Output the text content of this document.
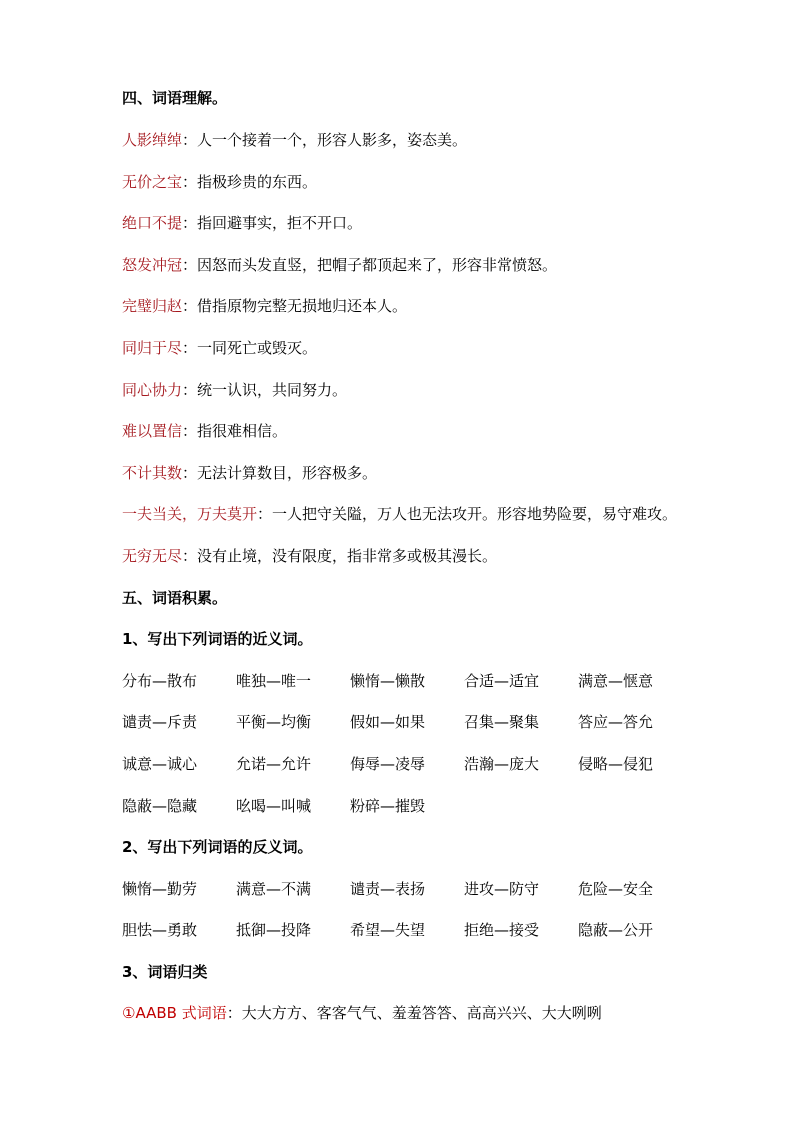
四、词语理解。
人影绰绰：人一个接着一个，形容人影多，姿态美。
无价之宝：指极珍贵的东西。
绝口不提：指回避事实，拒不开口。
怒发冲冠：因怒而头发直竖，把帽子都顶起来了，形容非常愤怒。
完璧归赵：借指原物完整无损地归还本人。
同归于尽：一同死亡或毁灭。
同心协力：统一认识，共同努力。
难以置信：指很难相信。
不计其数：无法计算数目，形容极多。
一夫当关，万夫莫开：一人把守关隘，万人也无法攻开。形容地势险要，易守难攻。
无穷无尽：没有止境，没有限度，指非常多或极其漫长。
五、词语积累。
1、写出下列词语的近义词。
分布—散布	唯独—唯一	懒惰—懒散	合适—适宜	满意—惬意
谴责—斥责	平衡—均衡	假如—如果	召集—聚集	答应—答允
诚意—诚心	允诺—允许	侮辱—凌辱	浩瀚—庞大	侵略—侵犯
隐蔽—隐藏	吆喝—叫喊	粉碎—摧毁
2、写出下列词语的反义词。
懒惰—勤劳	满意—不满	谴责—表扬	进攻—防守	危险—安全
胆怯—勇敢	抵御—投降	希望—失望	拒绝—接受	隐蔽—公开
3、词语归类
①AABB 式词语：大大方方、客客气气、羞羞答答、高高兴兴、大大咧咧
